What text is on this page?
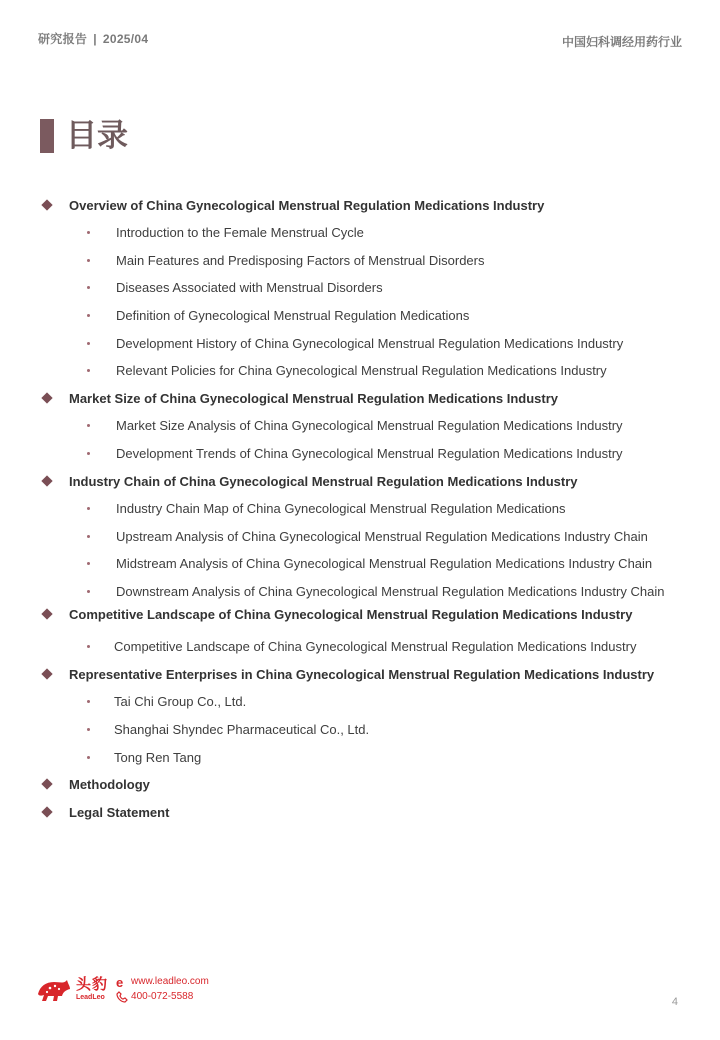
研究报告 | 2025/04	中国妇科调经用药行业
目录
Overview of China Gynecological Menstrual Regulation Medications Industry
Introduction to the Female Menstrual Cycle
Main Features and Predisposing Factors of Menstrual Disorders
Diseases Associated with Menstrual Disorders
Definition of Gynecological Menstrual Regulation Medications
Development History of China Gynecological Menstrual Regulation Medications Industry
Relevant Policies for China Gynecological Menstrual Regulation Medications Industry
Market Size of China Gynecological Menstrual Regulation Medications Industry
Market Size Analysis of China Gynecological Menstrual Regulation Medications Industry
Development Trends of China Gynecological Menstrual Regulation Medications Industry
Industry Chain of China Gynecological Menstrual Regulation Medications Industry
Industry Chain Map of China Gynecological Menstrual Regulation Medications
Upstream Analysis of China Gynecological Menstrual Regulation Medications Industry Chain
Midstream Analysis of China Gynecological Menstrual Regulation Medications Industry Chain
Downstream Analysis of China Gynecological Menstrual Regulation Medications Industry Chain
Competitive Landscape of China Gynecological Menstrual Regulation Medications Industry
Competitive Landscape of China Gynecological Menstrual Regulation Medications Industry
Representative Enterprises in China Gynecological Menstrual Regulation Medications Industry
Tai Chi Group Co., Ltd.
Shanghai Shyndec Pharmaceutical Co., Ltd.
Tong Ren Tang
Methodology
Legal Statement
头豹
LeadLeo
e www.leadleo.com
400-072-5588	4
